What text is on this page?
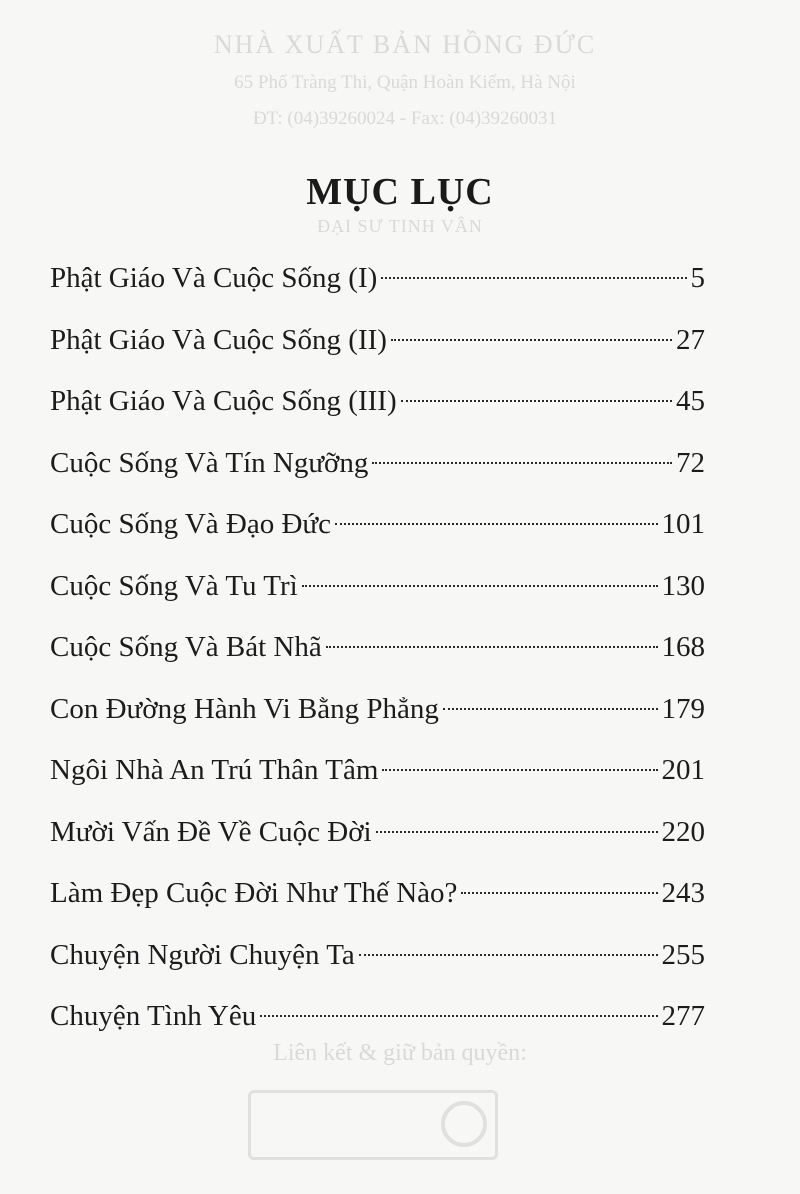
NHÀ XUẤT BẢN HỒNG ĐỨC
65 Phố Tràng Thi, Quận Hoàn Kiếm, Hà Nội
ĐT: (04)39260024 - Fax: (04)39260031
ĐẠI SƯ TINH VÂN
Liên kết & giữ bản quyền:
MỤC LỤC
Phật Giáo Và Cuộc Sống (I)	5
Phật Giáo Và Cuộc Sống (II)	27
Phật Giáo Và Cuộc Sống (III)	45
Cuộc Sống Và Tín Ngưỡng	72
Cuộc Sống Và Đạo Đức	101
Cuộc Sống Và Tu Trì	130
Cuộc Sống Và Bát Nhã	168
Con Đường Hành Vi Bằng Phẳng	179
Ngôi Nhà An Trú Thân Tâm	201
Mười Vấn Đề Về Cuộc Đời	220
Làm Đẹp Cuộc Đời Như Thế Nào?	243
Chuyện Người Chuyện Ta	255
Chuyện Tình Yêu	277
